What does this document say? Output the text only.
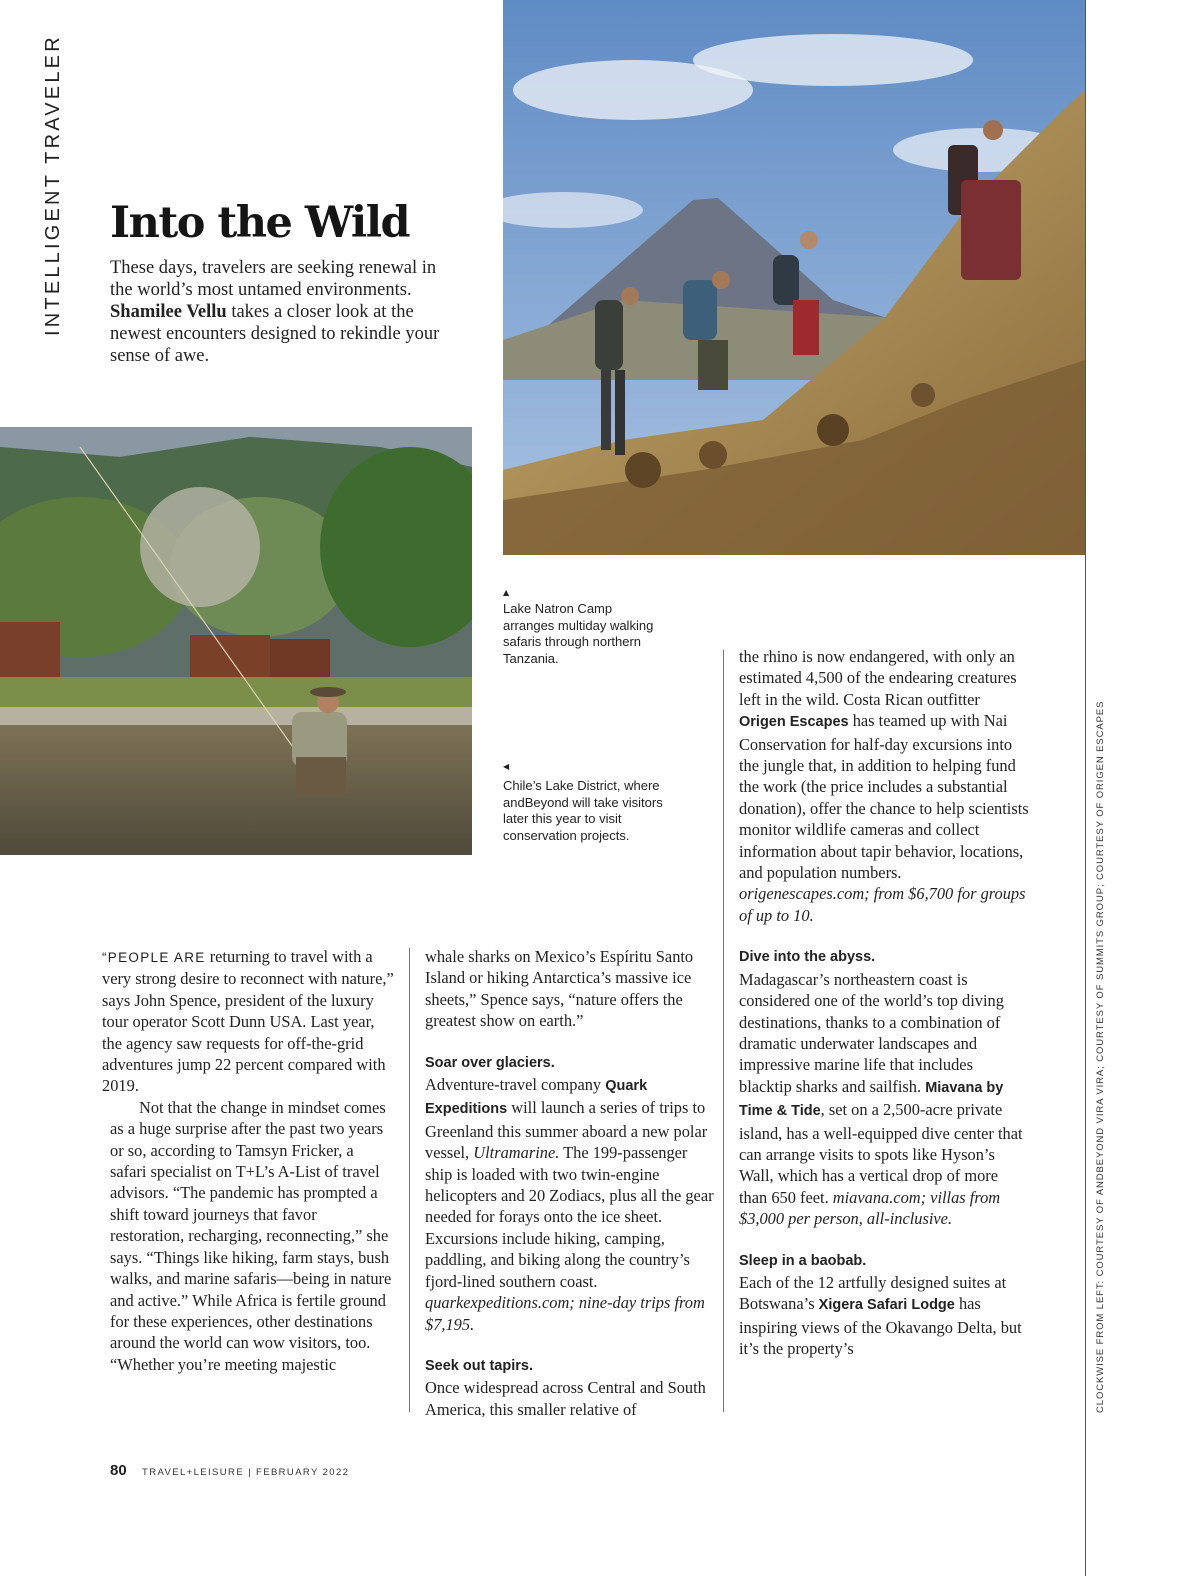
INTELLIGENT TRAVELER Into the Wild
These days, travelers are seeking renewal in the world’s most untamed environments. Shamilee Vellu takes a closer look at the newest encounters designed to rekindle your sense of awe.
▲
Lake Natron Camp arranges multiday walking safaris through northern Tanzania.
◀
Chile’s Lake District, where andBeyond will take visitors later this year to visit conservation projects.

“PEOPLE ARE returning to travel with a very strong desire to reconnect with nature,” says John Spence, president of the luxury tour operator Scott Dunn USA. Last year, the agency saw requests for off-the-grid adventures jump 22 percent compared with 2019.

Not that the change in mindset comes as a huge surprise after the past two years or so, according to Tamsyn Fricker, a safari specialist on T+L’s A-List of travel advisors. “The pandemic has prompted a shift toward journeys that favor restoration, recharging, reconnecting,” she says. “Things like hiking, farm stays, bush walks, and marine safaris—being in nature and active.” While Africa is fertile ground for these experiences, other destinations around the world can wow visitors, too. “Whether you’re meeting majestic

whale sharks on Mexico’s Espíritu Santo Island or hiking Antarctica’s massive ice sheets,” Spence says, “nature offers the greatest show on earth.”

Soar over glaciers.

Adventure-travel company Quark Expeditions will launch a series of trips to Greenland this summer aboard a new polar vessel, Ultramarine. The 199-passenger ship is loaded with two twin-engine helicopters and 20 Zodiacs, plus all the gear needed for forays onto the ice sheet. Excursions include hiking, camping, paddling, and biking along the country’s fjord-lined southern coast. quarkexpeditions.com; nine-day trips from $7,195.

Seek out tapirs.

Once widespread across Central and South America, this smaller relative of

the rhino is now endangered, with only an estimated 4,500 of the endearing creatures left in the wild. Costa Rican outfitter Origen Escapes has teamed up with Nai Conservation for half-day excursions into the jungle that, in addition to helping fund the work (the price includes a substantial donation), offer the chance to help scientists monitor wildlife cameras and collect information about tapir behavior, locations, and population numbers. origenescapes.com; from $6,700 for groups of up to 10.

Dive into the abyss.

Madagascar’s northeastern coast is considered one of the world’s top diving destinations, thanks to a combination of dramatic underwater landscapes and impressive marine life that includes blacktip sharks and sailfish. Miavana by Time & Tide, set on a 2,500-acre private island, has a well-equipped dive center that can arrange visits to spots like Hyson’s Wall, which has a vertical drop of more than 650 feet. miavana.com; villas from $3,000 per person, all-inclusive.

Sleep in a baobab.

Each of the 12 artfully designed suites at Botswana’s Xigera Safari Lodge has inspiring views of the Okavango Delta, but it’s the property’s	CLOCKWISE FROM LEFT: COURTESY OF ANDBEYOND VIRA VIRA; COURTESY OF SUMMITS GROUP; COURTESY OF ORIGEN ESCAPES
80 TRAVEL+LEISURE | FEBRUARY 2022
